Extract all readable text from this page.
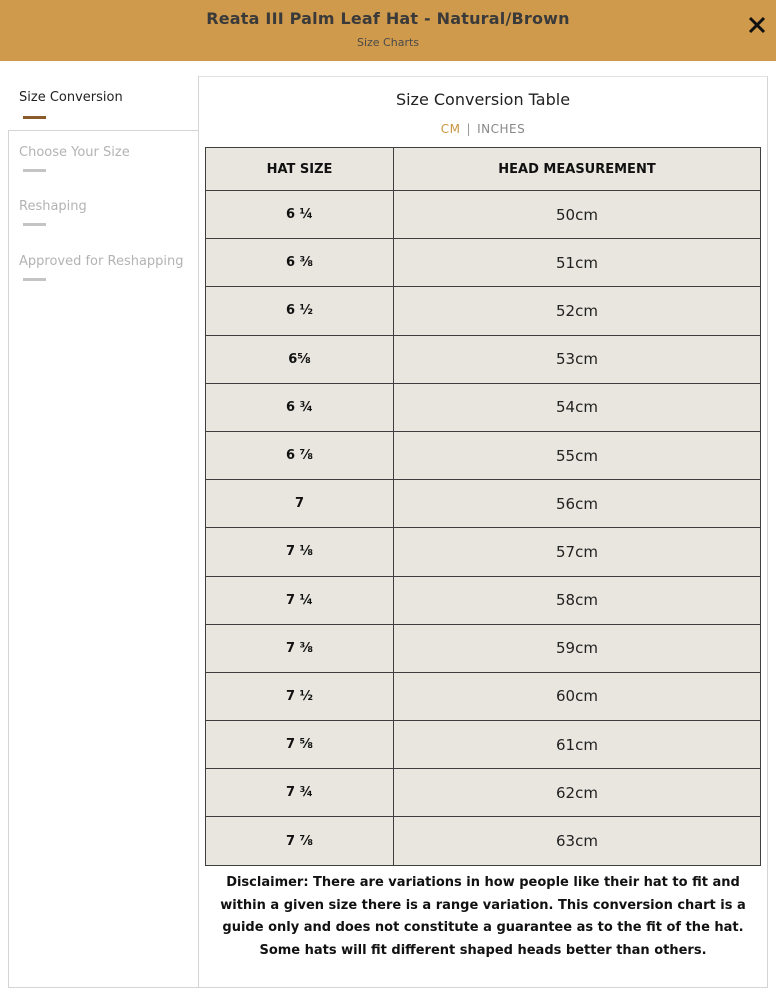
Reata III Palm Leaf Hat - Natural/Brown
Size Charts
Size Conversion
Choose Your Size
Reshaping
Approved for Reshapping
Size Conversion Table
CM | INCHES
HAT SIZE	HEAD MEASUREMENT
6 ¼	50cm
6 ⅜	51cm
6 ½	52cm
6⅝	53cm
6 ¾	54cm
6 ⅞	55cm
7	56cm
7 ⅛	57cm
7 ¼	58cm
7 ⅜	59cm
7 ½	60cm
7 ⅝	61cm
7 ¾	62cm
7 ⅞	63cm
Disclaimer: There are variations in how people like their hat to fit and within a given size there is a range variation. This conversion chart is a guide only and does not constitute a guarantee as to the fit of the hat. Some hats will fit different shaped heads better than others.
